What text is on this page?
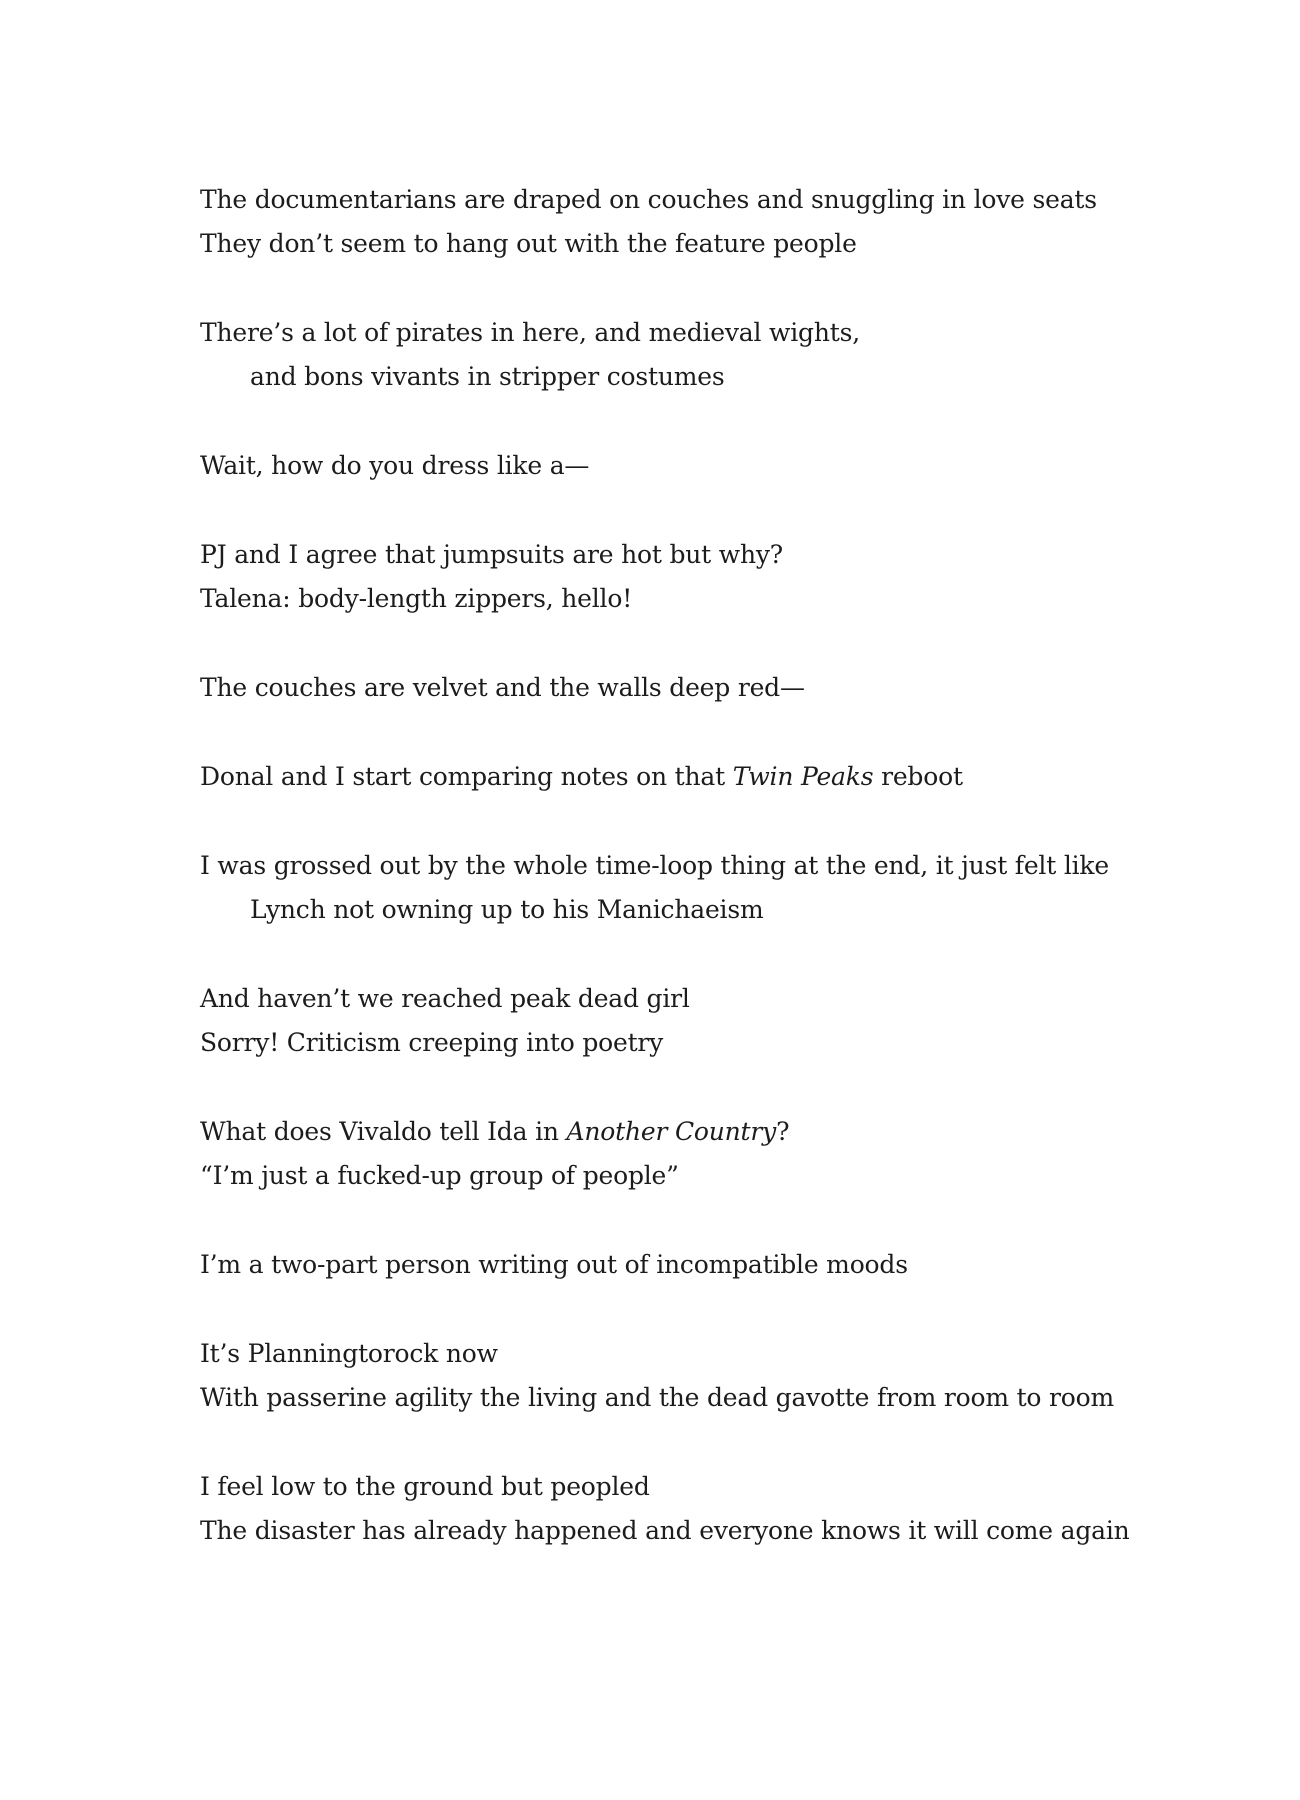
The documentarians are draped on couches and snuggling in love seats
They don’t seem to hang out with the feature people
There’s a lot of pirates in here, and medieval wights, and bons vivants in stripper costumes
Wait, how do you dress like a—
PJ and I agree that jumpsuits are hot but why?
Talena: body-length zippers, hello!
The couches are velvet and the walls deep red—
Donal and I start comparing notes on that Twin Peaks reboot
I was grossed out by the whole time-loop thing at the end, it just felt like Lynch not owning up to his Manichaeism
And haven’t we reached peak dead girl
Sorry! Criticism creeping into poetry
What does Vivaldo tell Ida in Another Country?
“I’m just a fucked-up group of people”
I’m a two-part person writing out of incompatible moods
It’s Planningtorock now
With passerine agility the living and the dead gavotte from room to room
I feel low to the ground but peopled
The disaster has already happened and everyone knows it will come again
